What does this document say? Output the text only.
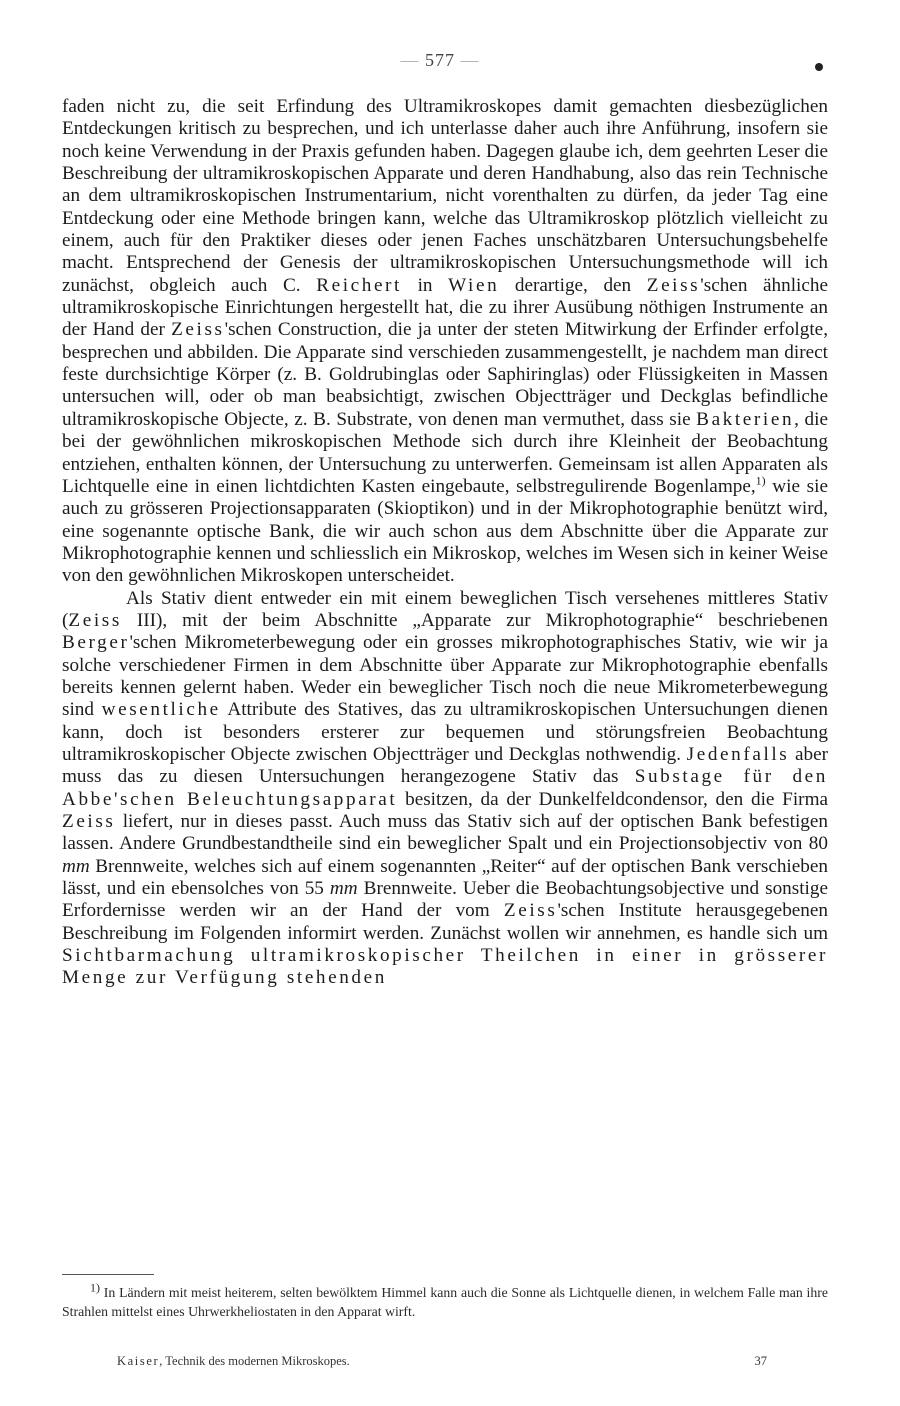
— 577 —

faden nicht zu, die seit Erfindung des Ultramikroskopes damit gemachten diesbezüglichen Entdeckungen kritisch zu besprechen, und ich unterlasse daher auch ihre Anführung, insofern sie noch keine Verwendung in der Praxis gefunden haben. Dagegen glaube ich, dem geehrten Leser die Beschreibung der ultramikroskopischen Apparate und deren Handhabung, also das rein Technische an dem ultramikroskopischen Instrumentarium, nicht vorenthalten zu dürfen, da jeder Tag eine Entdeckung oder eine Methode bringen kann, welche das Ultramikroskop plötzlich vielleicht zu einem, auch für den Praktiker dieses oder jenen Faches unschätzbaren Untersuchungsbehelfe macht. Entsprechend der Genesis der ultramikroskopischen Untersuchungsmethode will ich zunächst, obgleich auch C. Reichert in Wien derartige, den Zeiss'schen ähnliche ultramikroskopische Einrichtungen hergestellt hat, die zu ihrer Ausübung nöthigen Instrumente an der Hand der Zeiss'schen Construction, die ja unter der steten Mitwirkung der Erfinder erfolgte, besprechen und abbilden. Die Apparate sind verschieden zusammengestellt, je nachdem man direct feste durchsichtige Körper (z. B. Goldrubinglas oder Saphiringlas) oder Flüssigkeiten in Massen untersuchen will, oder ob man beabsichtigt, zwischen Objectträger und Deckglas befindliche ultramikroskopische Objecte, z. B. Substrate, von denen man vermuthet, dass sie Bakterien, die bei der gewöhnlichen mikroskopischen Methode sich durch ihre Kleinheit der Beobachtung entziehen, enthalten können, der Untersuchung zu unterwerfen. Gemeinsam ist allen Apparaten als Lichtquelle eine in einen lichtdichten Kasten eingebaute, selbstregulirende Bogenlampe,$^{1)}$ wie sie auch zu grösseren Projectionsapparaten (Skioptikon) und in der Mikrophotographie benützt wird, eine sogenannte optische Bank, die wir auch schon aus dem Abschnitte über die Apparate zur Mikrophotographie kennen und schliesslich ein Mikroskop, welches im Wesen sich in keiner Weise von den gewöhnlichen Mikroskopen unterscheidet.

Als Stativ dient entweder ein mit einem beweglichen Tisch versehenes mittleres Stativ (Zeiss III), mit der beim Abschnitte „Apparate zur Mikrophotographie“ beschriebenen Berger'schen Mikrometerbewegung oder ein grosses mikrophotographisches Stativ, wie wir ja solche verschiedener Firmen in dem Abschnitte über Apparate zur Mikrophotographie ebenfalls bereits kennen gelernt haben. Weder ein beweglicher Tisch noch die neue Mikrometerbewegung sind wesentliche Attribute des Statives, das zu ultramikroskopischen Untersuchungen dienen kann, doch ist besonders ersterer zur bequemen und störungsfreien Beobachtung ultramikroskopischer Objecte zwischen Objectträger und Deckglas nothwendig. Jedenfalls aber muss das zu diesen Untersuchungen herangezogene Stativ das Substage für den Abbe'schen Beleuchtungsapparat besitzen, da der Dunkelfeldcondensor, den die Firma Zeiss liefert, nur in dieses passt. Auch muss das Stativ sich auf der optischen Bank befestigen lassen. Andere Grundbestandtheile sind ein beweglicher Spalt und ein Projectionsobjectiv von 80 mm Brennweite, welches sich auf einem sogenannten „Reiter“ auf der optischen Bank verschieben lässt, und ein ebensolches von 55 mm Brennweite. Ueber die Beobachtungsobjective und sonstige Erfordernisse werden wir an der Hand der vom Zeiss'schen Institute herausgegebenen Beschreibung im Folgenden informirt werden. Zunächst wollen wir annehmen, es handle sich um Sichtbarmachung ultramikroskopischer Theilchen in einer in grösserer Menge zur Verfügung stehenden

1) In Ländern mit meist heiterem, selten bewölktem Himmel kann auch die Sonne als Lichtquelle dienen, in welchem Falle man ihre Strahlen mittelst eines Uhrwerkheliostaten in den Apparat wirft.

Kaiser, Technik des modernen Mikroskopes.	37
